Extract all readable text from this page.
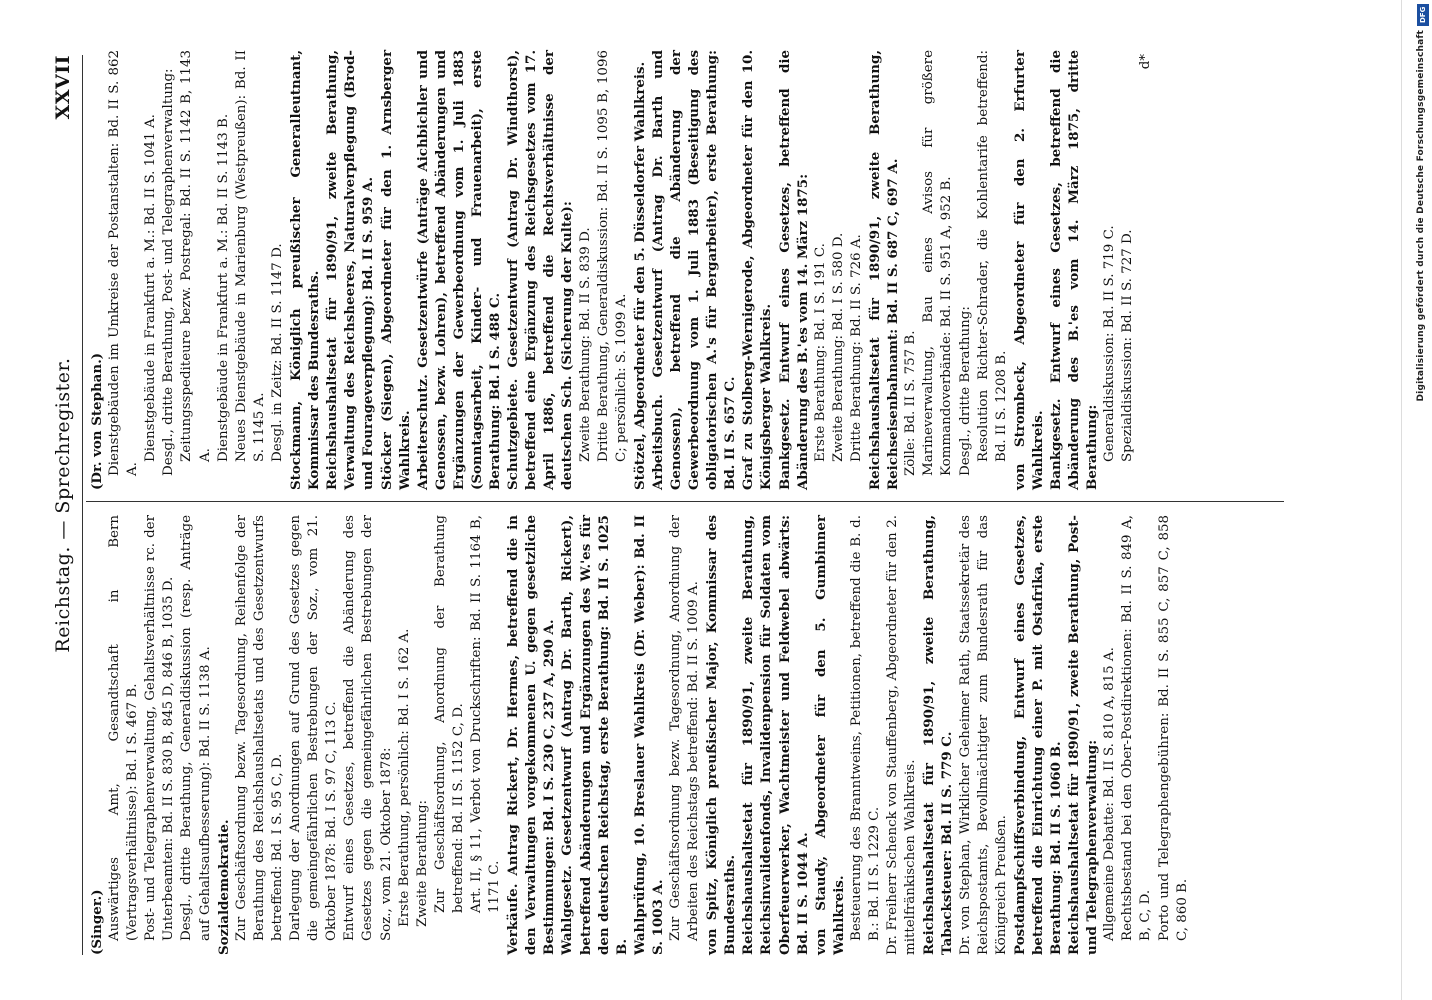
Reichstag. — Sprechregister.
XXVII

(Singer.) Auswärtiges Amt, Gesandtschaft in Bern (Vertragsverhältnisse): Bd. I S. 467 B. Post- und Telegraphenverwaltung, Gehaltsverhältnisse rc. der Unterbeamten: Bd. II S. 830 B, 845 D, 846 B, 1035 D. Desgl., dritte Berathung, Generaldiskussion (resp. Anträge auf Gehaltsaufbesserung): Bd. II S. 1138 A. Sozialdemokratie. Zur Geschäftsordnung bezw. Tagesordnung, Reihenfolge der Berathung des Reichshaushaltsetats und des Gesetzentwurfs betreffend: Bd. I S. 95 C, D. Darlegung der Anordnungen auf Grund des Gesetzes gegen die gemeingefährlichen Bestrebungen der Soz., vom 21. Oktober 1878: Bd. I S. 97 C, 113 C. Entwurf eines Gesetzes, betreffend die Abänderung des Gesetzes gegen die gemeingefährlichen Bestrebungen der Soz., vom 21. Oktober 1878: Erste Berathung, persönlich: Bd. I S. 162 A. Zweite Berathung: Zur Geschäftsordnung, Anordnung der Berathung betreffend: Bd. II S. 1152 C, D. Art. II, § 11, Verbot von Druckschriften: Bd. II S. 1164 B, 1171 C. Verkäufe. Antrag Rickert, Dr. Hermes, betreffend die in den Verwaltungen vorgekommenen U. gegen gesetzliche Bestimmungen: Bd. I S. 230 C, 237 A, 290 A. Wahlgesetz. Gesetzentwurf (Antrag Dr. Barth, Rickert), betreffend Abänderungen und Ergänzungen des W.'es für den deutschen Reichstag, erste Berathung: Bd. II S. 1025 B. Wahlprüfung, 10. Breslauer Wahlkreis (Dr. Weber): Bd. II S. 1003 A. Zur Geschäftsordnung bezw. Tagesordnung, Anordnung der Arbeiten des Reichstags betreffend: Bd. II S. 1009 A. von Spitz, Königlich preußischer Major, Kommissar des Bundesraths. Reichshaushaltsetat für 1890/91, zweite Berathung, Reichsinvalidenfonds, Invalidenpension für Soldaten vom Oberfeuerwerker, Wachtmeister und Feldwebel abwärts: Bd. II S. 1044 A. von Staudy, Abgeordneter für den 5. Gumbinner Wahlkreis. Besteuerung des Branntweins, Petitionen, betreffend die B. d. B.: Bd. II S. 1229 C. Dr. Freiherr Schenck von Stauffenberg, Abgeordneter für den 2. mittelfränkischen Wahlkreis. Reichshaushaltsetat für 1890/91, zweite Berathung, Tabacksteuer: Bd. II S. 779 C. Dr. von Stephan, Wirklicher Geheimer Rath, Staatssekretär des Reichspostamts, Bevollmächtigter zum Bundesrath für das Königreich Preußen. Postdampfschiffsverbindung, Entwurf eines Gesetzes, betreffend die Einrichtung einer P. mit Ostafrika, erste Berathung: Bd. II S. 1060 B. Reichshaushaltsetat für 1890/91, zweite Berathung, Post- und Telegraphenverwaltung: Allgemeine Debatte: Bd. II S. 810 A, 815 A. Rechtsbestand bei den Ober-Postdirektionen: Bd. II S. 849 A, B, C, D. Porto und Telegraphengebühren: Bd. II S. 855 C, 857 C, 858 C, 860 B.

(Dr. von Stephan.) Dienstgebäuden im Umkreise der Postanstalten: Bd. II S. 862 A.

Dienstgebäude in Frankfurt a. M.: Bd. II S. 1041 A. Desgl., dritte Berathung, Post- und Telegraphenverwaltung: Zeitungsspediteure bezw. Postregal: Bd. II S. 1142 B, 1143 A. Dienstgebäude in Frankfurt a. M.: Bd. II S. 1143 B. Neues Dienstgebäude in Marienburg (Westpreußen): Bd. II S. 1145 A. Desgl. in Zeitz: Bd. II S. 1147 D. Stockmann, Königlich preußischer Generalleutnant, Kommissar des Bundesraths. Reichshaushaltsetat für 1890/91, zweite Berathung, Verwaltung des Reichsheeres, Naturalverpflegung (Brod- und Fourageverpflegung): Bd. II S. 959 A. Stöcker (Siegen), Abgeordneter für den 1. Arnsberger Wahlkreis. Arbeiterschutz. Gesetzentwürfe (Anträge Aichbichler und Genossen, bezw. Lohren), betreffend Abänderungen und Ergänzungen der Gewerbeordnung vom 1. Juli 1883 (Sonntagsarbeit, Kinder- und Frauenarbeit), erste Berathung: Bd. I S. 488 C. Schutzgebiete. Gesetzentwurf (Antrag Dr. Windthorst), betreffend eine Ergänzung des Reichsgesetzes vom 17. April 1886, betreffend die Rechtsverhältnisse der deutschen Sch. (Sicherung der Kulte): Zweite Berathung: Bd. II S. 839 D. Dritte Berathung, Generaldiskussion: Bd. II S. 1095 B, 1096 C; persönlich: S. 1099 A. Stötzel, Abgeordneter für den 5. Düsseldorfer Wahlkreis. Arbeitsbuch. Gesetzentwurf (Antrag Dr. Barth und Genossen), betreffend die Abänderung der Gewerbeordnung vom 1. Juli 1883 (Beseitigung des obligatorischen A.'s für Bergarbeiter), erste Berathung: Bd. II S. 657 C. Graf zu Stolberg-Wernigerode, Abgeordneter für den 10. Königsberger Wahlkreis. Bankgesetz. Entwurf eines Gesetzes, betreffend die Abänderung des B.'es vom 14. März 1875: Erste Berathung: Bd. I S. 191 C. Zweite Berathung: Bd. I S. 580 D. Dritte Berathung: Bd. II S. 726 A. Reichshaushaltsetat für 1890/91, zweite Berathung, Reichseisenbahnamt: Bd. II S. 687 C, 697 A. Zölle: Bd. II S. 757 B. Marineverwaltung, Bau eines Avisos für größere Kommandoverbände: Bd. II S. 951 A, 952 B. Desgl., dritte Berathung: Resolution Richter-Schrader, die Kohlentarife betreffend: Bd. II S. 1208 B. von Strombeck, Abgeordneter für den 2. Erfurter Wahlkreis. Bankgesetz. Entwurf eines Gesetzes, betreffend die Abänderung des B.'es vom 14. März 1875, dritte Berathung: Generaldiskussion: Bd. II S. 719 C. Spezialdiskussion: Bd. II S. 727 D.

d*

DFG
Digitalisierung gefördert durch die Deutsche Forschungsgemeinschaft
